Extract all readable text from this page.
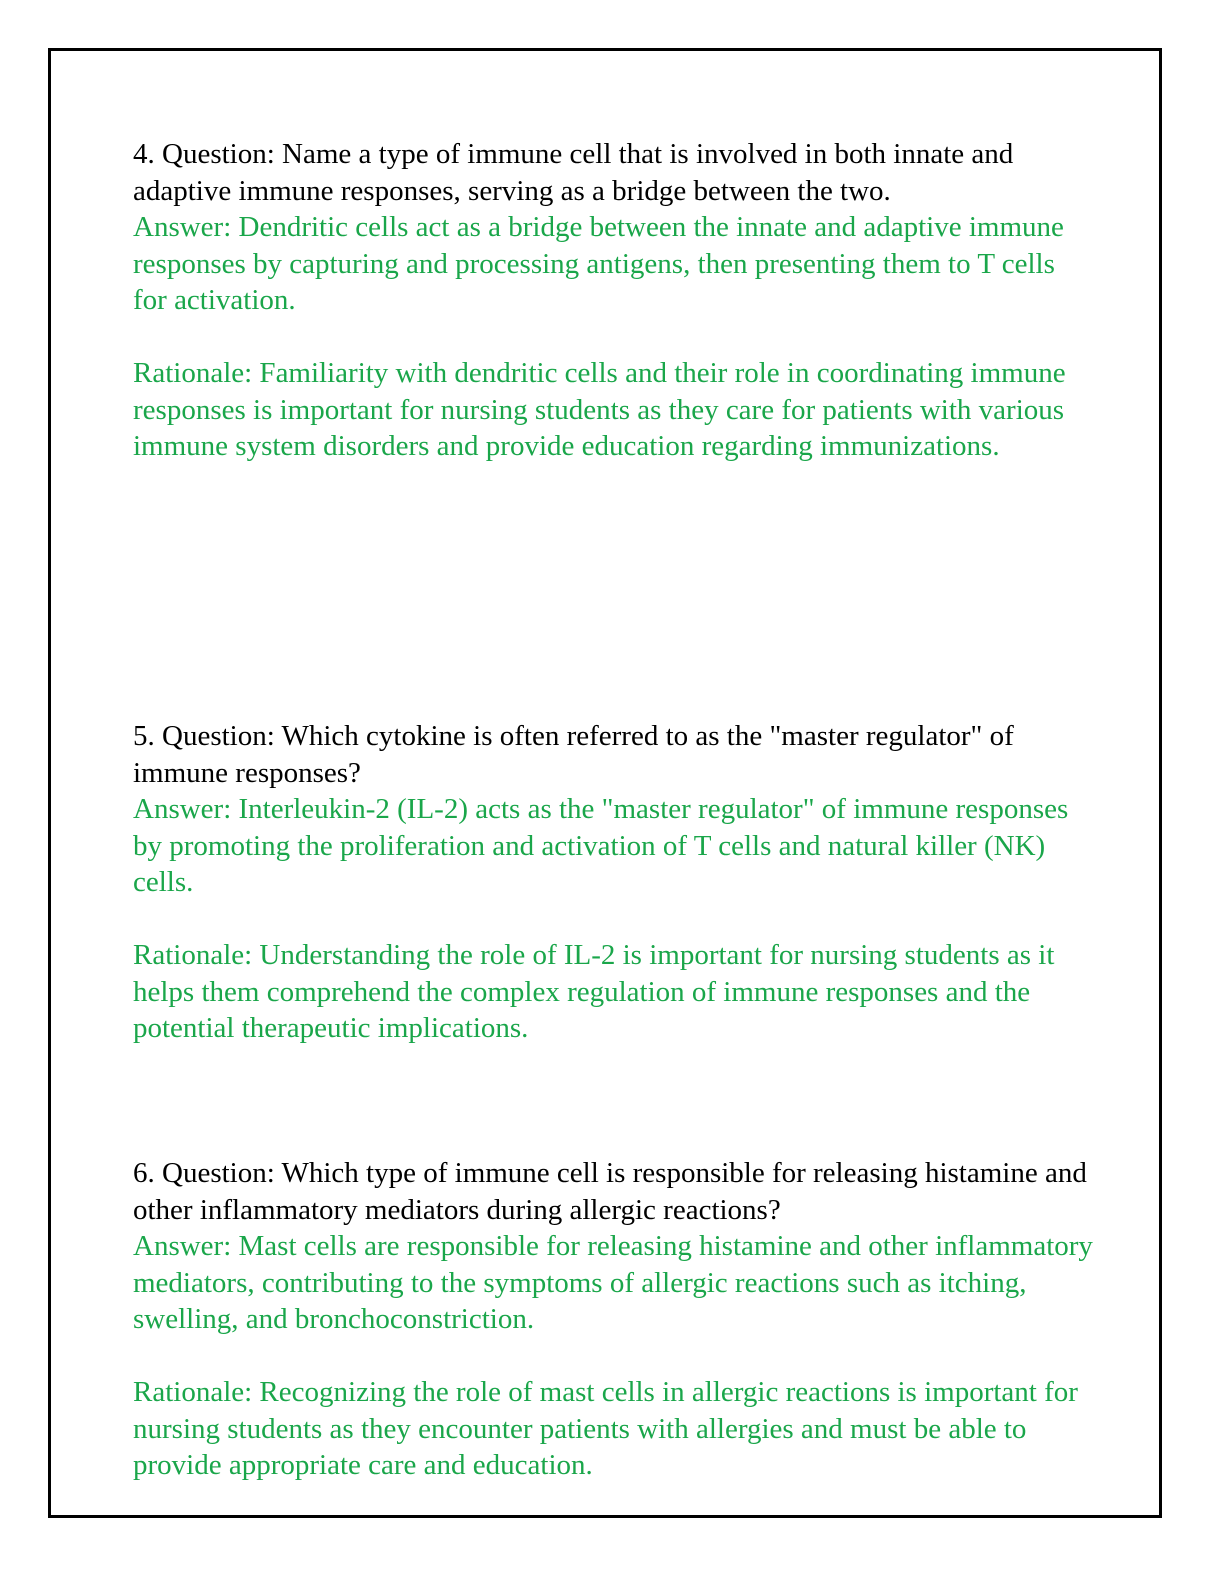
4. Question: Name a type of immune cell that is involved in both innate and adaptive immune responses, serving as a bridge between the two.

Answer: Dendritic cells act as a bridge between the innate and adaptive immune responses by capturing and processing antigens, then presenting them to T cells for activation.

Rationale: Familiarity with dendritic cells and their role in coordinating immune responses is important for nursing students as they care for patients with various immune system disorders and provide education regarding immunizations.

5. Question: Which cytokine is often referred to as the "master regulator" of immune responses?

Answer: Interleukin-2 (IL-2) acts as the "master regulator" of immune responses by promoting the proliferation and activation of T cells and natural killer (NK) cells.

Rationale: Understanding the role of IL-2 is important for nursing students as it helps them comprehend the complex regulation of immune responses and the potential therapeutic implications.

6. Question: Which type of immune cell is responsible for releasing histamine and other inflammatory mediators during allergic reactions?

Answer: Mast cells are responsible for releasing histamine and other inflammatory mediators, contributing to the symptoms of allergic reactions such as itching, swelling, and bronchoconstriction.

Rationale: Recognizing the role of mast cells in allergic reactions is important for nursing students as they encounter patients with allergies and must be able to provide appropriate care and education.
